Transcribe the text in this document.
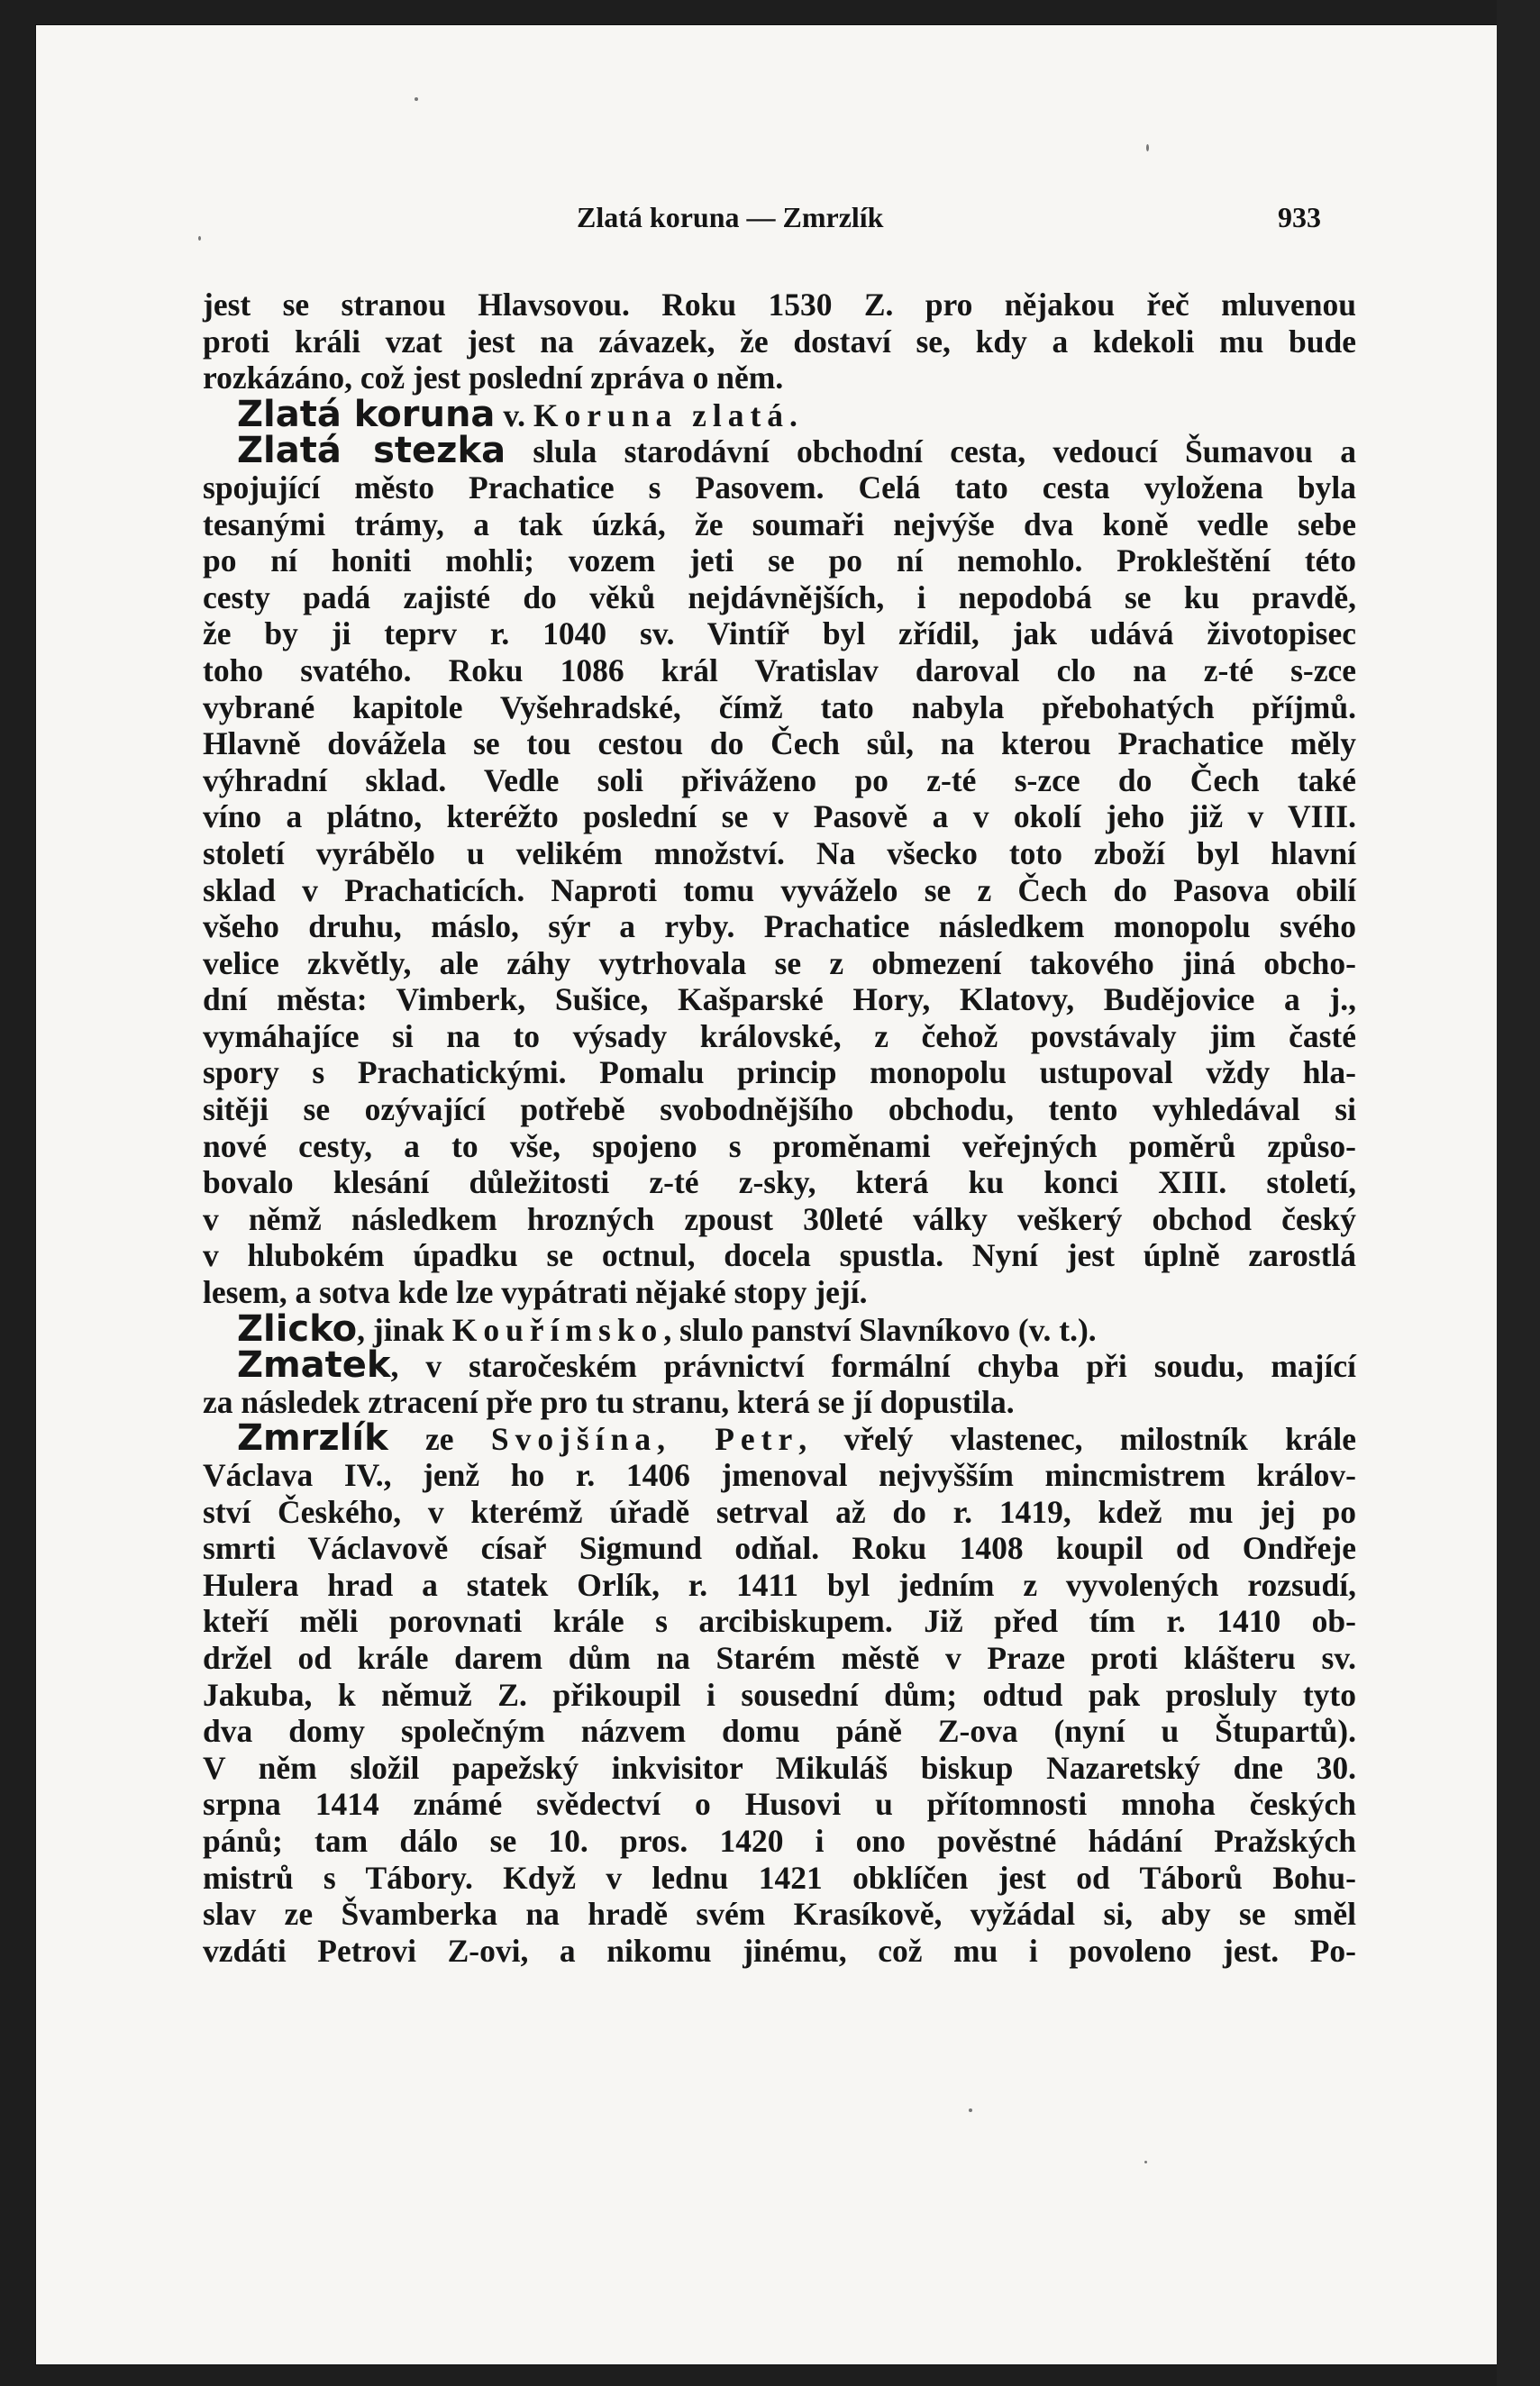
Zlatá koruna — Zmrzlík	933
jest se stranou Hlavsovou. Roku 1530 Z. pro nějakou řeč mluvenou
proti králi vzat jest na závazek, že dostaví se, kdy a kdekoli mu bude
rozkázáno, což jest poslední zpráva o něm.
Zlatá koruna v. Koruna zlatá.
Zlatá stezka slula starodávní obchodní cesta, vedoucí Šumavou a
spojující město Prachatice s Pasovem. Celá tato cesta vyložena byla
tesanými trámy, a tak úzká, že soumaři nejvýše dva koně vedle sebe
po ní honiti mohli; vozem jeti se po ní nemohlo. Prokleštění této
cesty padá zajisté do věků nejdávnějších, i nepodobá se ku pravdě,
že by ji teprv r. 1040 sv. Vintíř byl zřídil, jak udává životopisec
toho svatého. Roku 1086 král Vratislav daroval clo na z-té s-zce
vybrané kapitole Vyšehradské, čímž tato nabyla přebohatých příjmů.
Hlavně dovážela se tou cestou do Čech sůl, na kterou Prachatice měly
výhradní sklad. Vedle soli přiváženo po z-té s-zce do Čech také
víno a plátno, kteréžto poslední se v Pasově a v okolí jeho již v VIII.
století vyrábělo u velikém množství. Na všecko toto zboží byl hlavní
sklad v Prachaticích. Naproti tomu vyváželo se z Čech do Pasova obilí
všeho druhu, máslo, sýr a ryby. Prachatice následkem monopolu svého
velice zkvětly, ale záhy vytrhovala se z obmezení takového jiná obcho-
dní města: Vimberk, Sušice, Kašparské Hory, Klatovy, Budějovice a j.,
vymáhajíce si na to výsady královské, z čehož povstávaly jim časté
spory s Prachatickými. Pomalu princip monopolu ustupoval vždy hla-
sitěji se ozývající potřebě svobodnějšího obchodu, tento vyhledával si
nové cesty, a to vše, spojeno s proměnami veřejných poměrů způso-
bovalo klesání důležitosti z-té z-sky, která ku konci XIII. století,
v němž následkem hrozných zpoust 30leté války veškerý obchod český
v hlubokém úpadku se octnul, docela spustla. Nyní jest úplně zarostlá
lesem, a sotva kde lze vypátrati nějaké stopy její.
Zlicko, jinak Kouřímsko, slulo panství Slavníkovo (v. t.).
Zmatek, v staročeském právnictví formální chyba při soudu, mající
za následek ztracení pře pro tu stranu, která se jí dopustila.
Zmrzlík ze Svojšína, Petr, vřelý vlastenec, milostník krále
Václava IV., jenž ho r. 1406 jmenoval nejvyšším mincmistrem králov-
ství Českého, v kterémž úřadě setrval až do r. 1419, kdež mu jej po
smrti Václavově císař Sigmund odňal. Roku 1408 koupil od Ondřeje
Hulera hrad a statek Orlík, r. 1411 byl jedním z vyvolených rozsudí,
kteří měli porovnati krále s arcibiskupem. Již před tím r. 1410 ob-
držel od krále darem dům na Starém městě v Praze proti klášteru sv.
Jakuba, k němuž Z. přikoupil i sousední dům; odtud pak prosluly tyto
dva domy společným názvem domu páně Z-ova (nyní u Štupartů).
V něm složil papežský inkvisitor Mikuláš biskup Nazaretský dne 30.
srpna 1414 známé svědectví o Husovi u přítomnosti mnoha českých
pánů; tam dálo se 10. pros. 1420 i ono pověstné hádání Pražských
mistrů s Tábory. Když v lednu 1421 obklíčen jest od Táborů Bohu-
slav ze Švamberka na hradě svém Krasíkově, vyžádal si, aby se směl
vzdáti Petrovi Z-ovi, a nikomu jinému, což mu i povoleno jest. Po-
